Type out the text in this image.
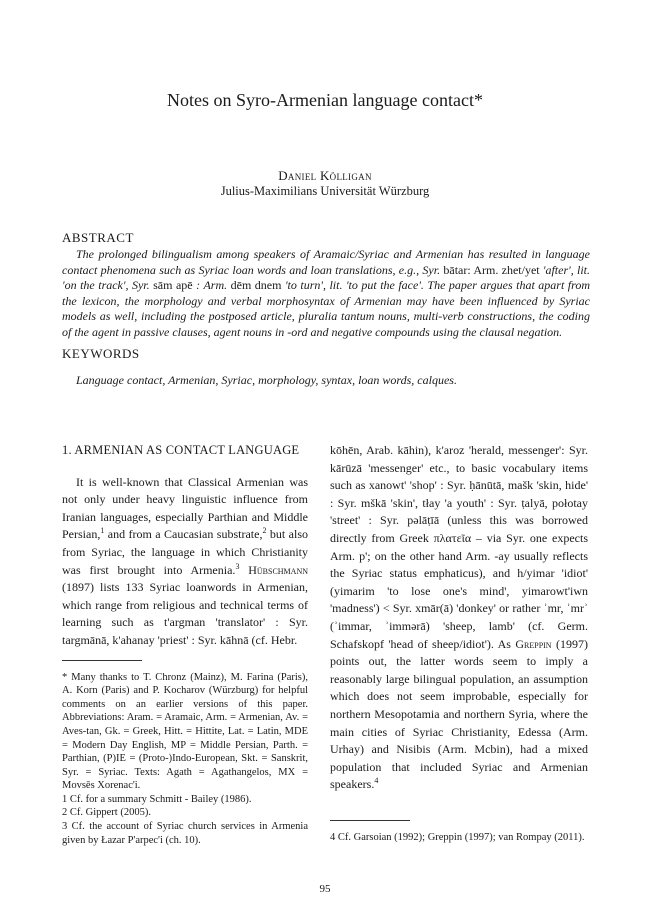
Notes on Syro-Armenian language contact*
Daniel Kölligan
Julius-Maximilians Universität Würzburg
ABSTRACT

The prolonged bilingualism among speakers of Aramaic/Syriac and Armenian has resulted in language contact phenomena such as Syriac loan words and loan translations, e.g., Syr. bātar: Arm. zhet/yet 'after', lit. 'on the track', Syr. sām apē : Arm. dēm dnem 'to turn', lit. 'to put the face'. The paper argues that apart from the lexicon, the morphology and verbal morphosyntax of Armenian may have been influenced by Syriac models as well, including the postposed article, pluralia tantum nouns, multi-verb constructions, the coding of the agent in passive clauses, agent nouns in -ord and negative compounds using the clausal negation.

KEYWORDS
Language contact, Armenian, Syriac, morphology, syntax, loan words, calques.
1. ARMENIAN AS CONTACT LANGUAGE

It is well-known that Classical Armenian was not only under heavy linguistic influence from Iranian languages, especially Parthian and Middle Persian,$^1$ and from a Caucasian substrate,$^2$ but also from Syriac, the language in which Christianity was first brought into Armenia.$^3$ Hübschmann (1897) lists 133 Syriac loanwords in Armenian, which range from religious and technical terms of learning such as t'argman 'translator' : Syr. targmānā, k'ahanay 'priest' : Syr. kāhnā (cf. Hebr.

* Many thanks to T. Chronz (Mainz), M. Farina (Paris), A. Korn (Paris) and P. Kocharov (Würzburg) for helpful comments on an earlier versions of this paper. Abbreviations: Aram. = Aramaic, Arm. = Armenian, Av. = Aves-tan, Gk. = Greek, Hitt. = Hittite, Lat. = Latin, MDE = Modern Day English, MP = Middle Persian, Parth. = Parthian, (P)IE = (Proto-)Indo-European, Skt. = Sanskrit, Syr. = Syriac. Texts: Agath = Agathangelos, MX = Movsēs Xorenac'i.

1 Cf. for a summary Schmitt - Bailey (1986).

2 Cf. Gippert (2005).

3 Cf. the account of Syriac church services in Armenia given by Łazar P'arpec'i (ch. 10).

kōhēn, Arab. kāhin), k'aroz 'herald, messenger': Syr. kārūzā 'messenger' etc., to basic vocabulary items such as xanowt' 'shop' : Syr. ḥānūtā, mašk 'skin, hide' : Syr. mškā 'skin', tłay 'a youth' : Syr. ṭalyā, połotay 'street' : Syr. pəlāṭīā (unless this was borrowed directly from Greek πλατεῖα – via Syr. one expects Arm. p'; on the other hand Arm. -ay usually reflects the Syriac status emphaticus), and h/yimar 'idiot' (yimarim 'to lose one's mind', yimarowt'iwn 'madness') < Syr. xmār(ā) 'donkey' or rather ʾmr, ʾmrʾ (ʾimmar, ʾimmərā) 'sheep, lamb' (cf. Germ. Schafskopf 'head of sheep/idiot'). As Greppin (1997) points out, the latter words seem to imply a reasonably large bilingual population, an assumption which does not seem improbable, especially for northern Mesopotamia and northern Syria, where the main cities of Syriac Christianity, Edessa (Arm. Urhay) and Nisibis (Arm. Mcbin), had a mixed population that included Syriac and Armenian speakers.$^4$

4 Cf. Garsoian (1992); Greppin (1997); van Rompay (2011).

95
